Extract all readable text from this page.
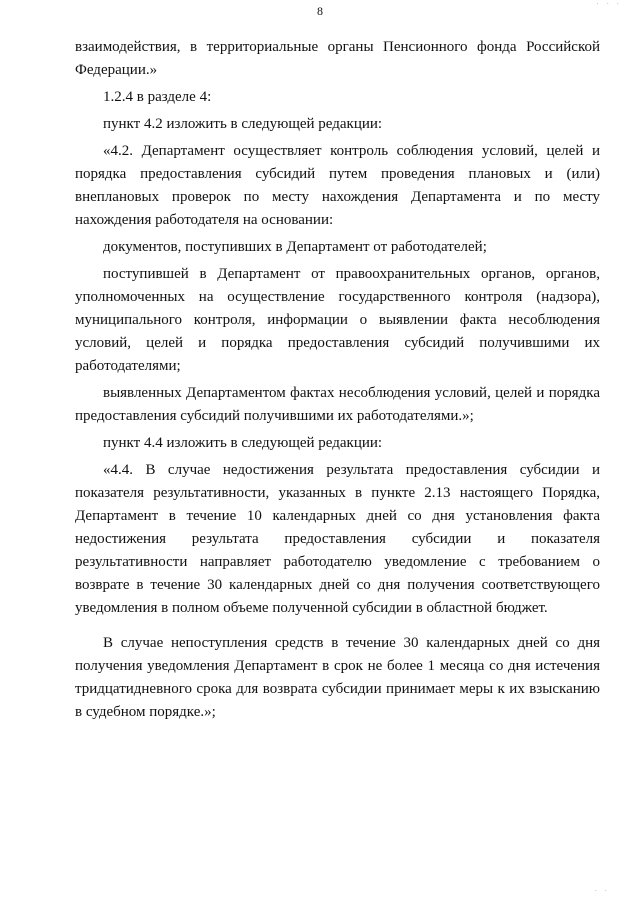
· · ·
8

взаимодействия, в территориальные органы Пенсионного фонда Российской Федерации.»

1.2.4 в разделе 4:

пункт 4.2 изложить в следующей редакции:

«4.2. Департамент осуществляет контроль соблюдения условий, целей и порядка предоставления субсидий путем проведения плановых и (или) внеплановых проверок по месту нахождения Департамента и по месту нахождения работодателя на основании:

документов, поступивших в Департамент от работодателей;

поступившей в Департамент от правоохранительных органов, органов, уполномоченных на осуществление государственного контроля (надзора), муниципального контроля, информации о выявлении факта несоблюдения условий, целей и порядка предоставления субсидий получившими их работодателями;

выявленных Департаментом фактах несоблюдения условий, целей и порядка предоставления субсидий получившими их работодателями.»;

пункт 4.4 изложить в следующей редакции:

«4.4. В случае недостижения результата предоставления субсидии и показателя результативности, указанных в пункте 2.13 настоящего Порядка, Департамент в течение 10 календарных дней со дня установления факта недостижения результата предоставления субсидии и показателя результативности направляет работодателю уведомление с требованием о возврате в течение 30 календарных дней со дня получения соответствующего уведомления в полном объеме полученной субсидии в областной бюджет.

В случае непоступления средств в течение 30 календарных дней со дня получения уведомления Департамент в срок не более 1 месяца со дня истечения тридцатидневного срока для возврата субсидии принимает меры к их взысканию в судебном порядке.»;

· ·
